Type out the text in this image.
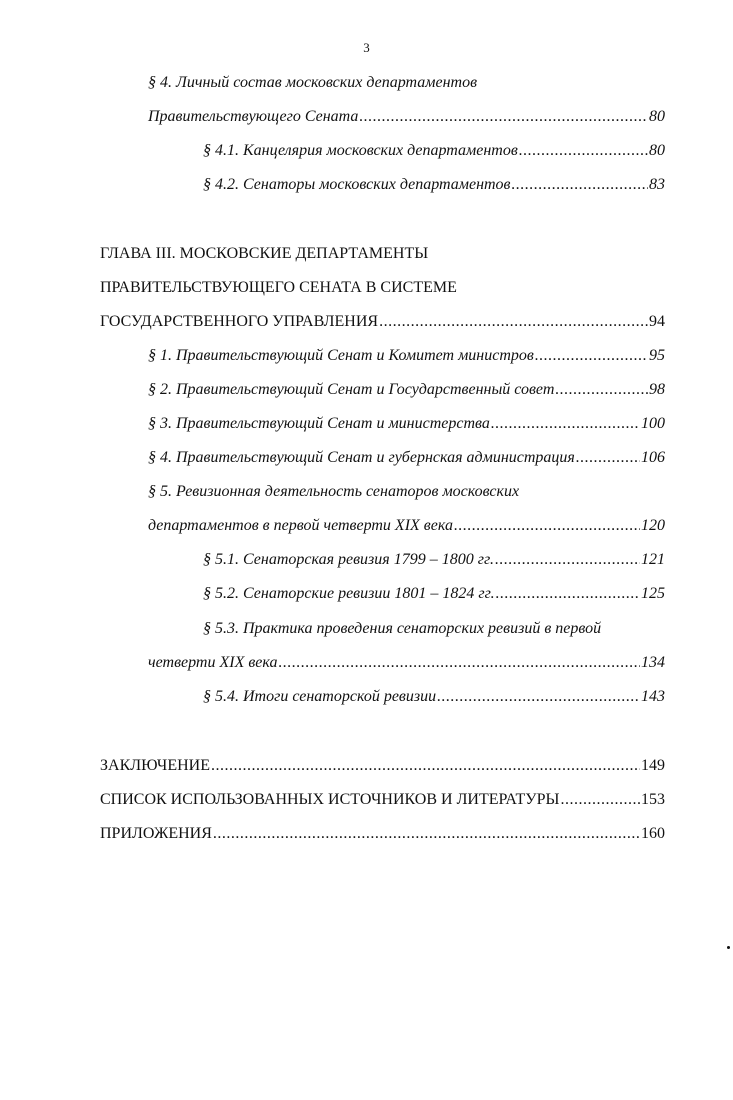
3
§ 4. Личный состав московских департаментов
Правительствующего Сената .....	80
§ 4.1. Канцелярия московских департаментов .....	80
§ 4.2. Сенаторы московских департаментов .....	83
ГЛАВА III. МОСКОВСКИЕ ДЕПАРТАМЕНТЫ
ПРАВИТЕЛЬСТВУЮЩЕГО СЕНАТА В СИСТЕМЕ
ГОСУДАРСТВЕННОГО УПРАВЛЕНИЯ .....	94
§ 1. Правительствующий Сенат и Комитет министров .....	95
§ 2. Правительствующий Сенат и Государственный совет .....	98
§ 3. Правительствующий Сенат и министерства .....	100
§ 4. Правительствующий Сенат и губернская администрация .....	106
§ 5. Ревизионная деятельность сенаторов московских
департаментов в первой четверти XIX века .....	120
§ 5.1. Сенаторская ревизия 1799 – 1800 гг. .....	121
§ 5.2. Сенаторские ревизии 1801 – 1824 гг. .....	125
§ 5.3. Практика проведения сенаторских ревизий в первой
четверти XIX века .....	134
§ 5.4. Итоги сенаторской ревизии .....	143
ЗАКЛЮЧЕНИЕ .....	149
СПИСОК ИСПОЛЬЗОВАННЫХ ИСТОЧНИКОВ И ЛИТЕРАТУРЫ .....	153
ПРИЛОЖЕНИЯ .....	160
